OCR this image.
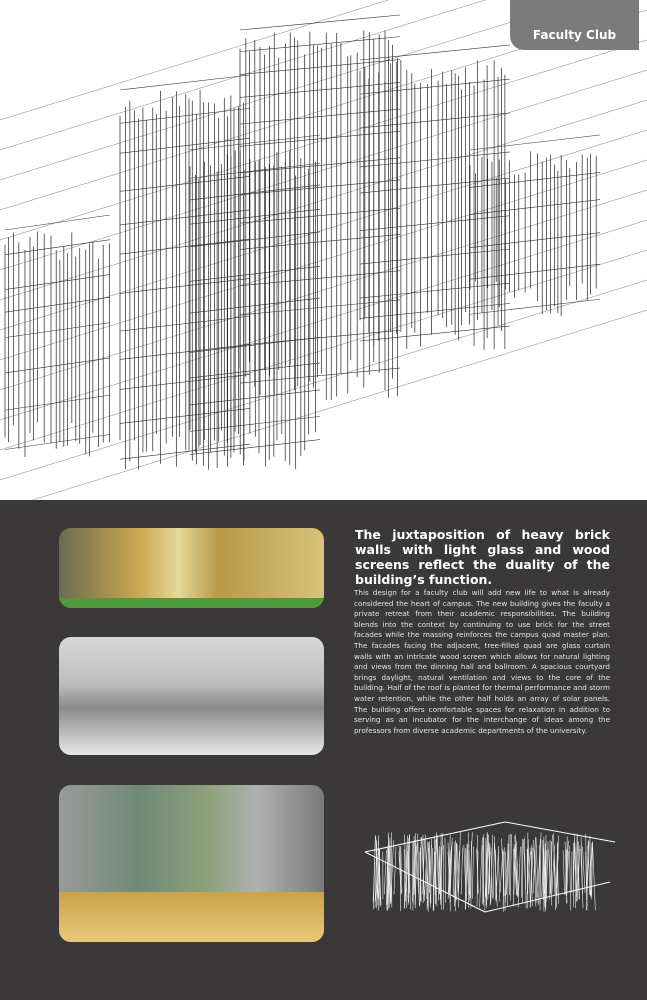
Faculty Club
The juxtaposition of heavy brick walls with light glass and wood screens reflect the duality of the building’s function.
This design for a faculty club will add new life to what is already considered the heart of campus. The new building gives the faculty a private retreat from their academic responsibilities. The building blends into the context by continuing to use brick for the street facades while the massing reinforces the campus quad master plan. The facades facing the adjacent, tree-filled quad are glass curtain walls with an intricate wood screen which allows for natural lighting and views from the dinning hall and ballroom. A spacious courtyard brings daylight, natural ventilation and views to the core of the building. Half of the roof is planted for thermal performance and storm water retention, while the other half holds an array of solar panels. The building offers comfortable spaces for relaxation in addition to serving as an incubator for the interchange of ideas among the professors from diverse academic departments of the university.
